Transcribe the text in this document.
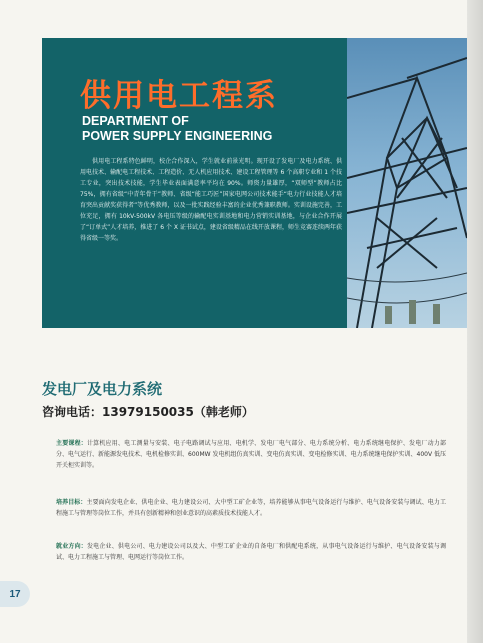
供用电工程系
DEPARTMENT OF
POWER SUPPLY ENGINEERING
供用电工程系特色鲜明，校企合作深入，学生就业前景光明。现开设了发电厂及电力系统、供用电技术、输配电工程技术、工程造价、无人机应用技术、建设工程管理等 6 个高职专业和 1 个技工专业，突出技术技能，学生毕业表面满意率平均在 90%。师资力量雄厚，“双师型”教师占比 75%，拥有省级“中青年骨干”教师、省级“能工巧匠”国家电网公司技术能手“电力行业技能人才培育突出贡献奖获得者”等优秀教师，以及一批实践经验丰富的企业优秀兼职教师。实训设施完善，工位充足，拥有 10kV-500kV 各电压等级的输配电实训基地和电力营销实训基地，与企业合作开展了“订单式”人才培养，推进了 6 个 X 证书试点，建设省级精品在线开放课程，师生竞赛连续两年获得省级一等奖。
发电厂及电力系统
咨询电话：13979150035（韩老师）
主要课程：计算机应用、电工测量与安装、电子电路调试与应用、电机学、发电厂电气部分、电力系统分析、电力系统继电保护、发电厂动力部分、电气运行、新能源发电技术、电机检修实训、600MW 发电机组仿真实训、变电仿真实训、变电检修实训、电力系统继电保护实训、400V 低压开关柜实训等。
培养目标：主要面向发电企业、供电企业、电力建设公司、大中型工矿企业等，培养能够从事电气设备运行与维护、电气设备安装与调试、电力工程施工与管理等岗位工作，并具有创新精神和创业意识的高素质技术技能人才。
就业方向：发电企业、供电公司、电力建设公司以及大、中型工矿企业的自备电厂和供配电系统，从事电气设备运行与维护、电气设备安装与调试、电力工程施工与管理、电网运行等岗位工作。
17
